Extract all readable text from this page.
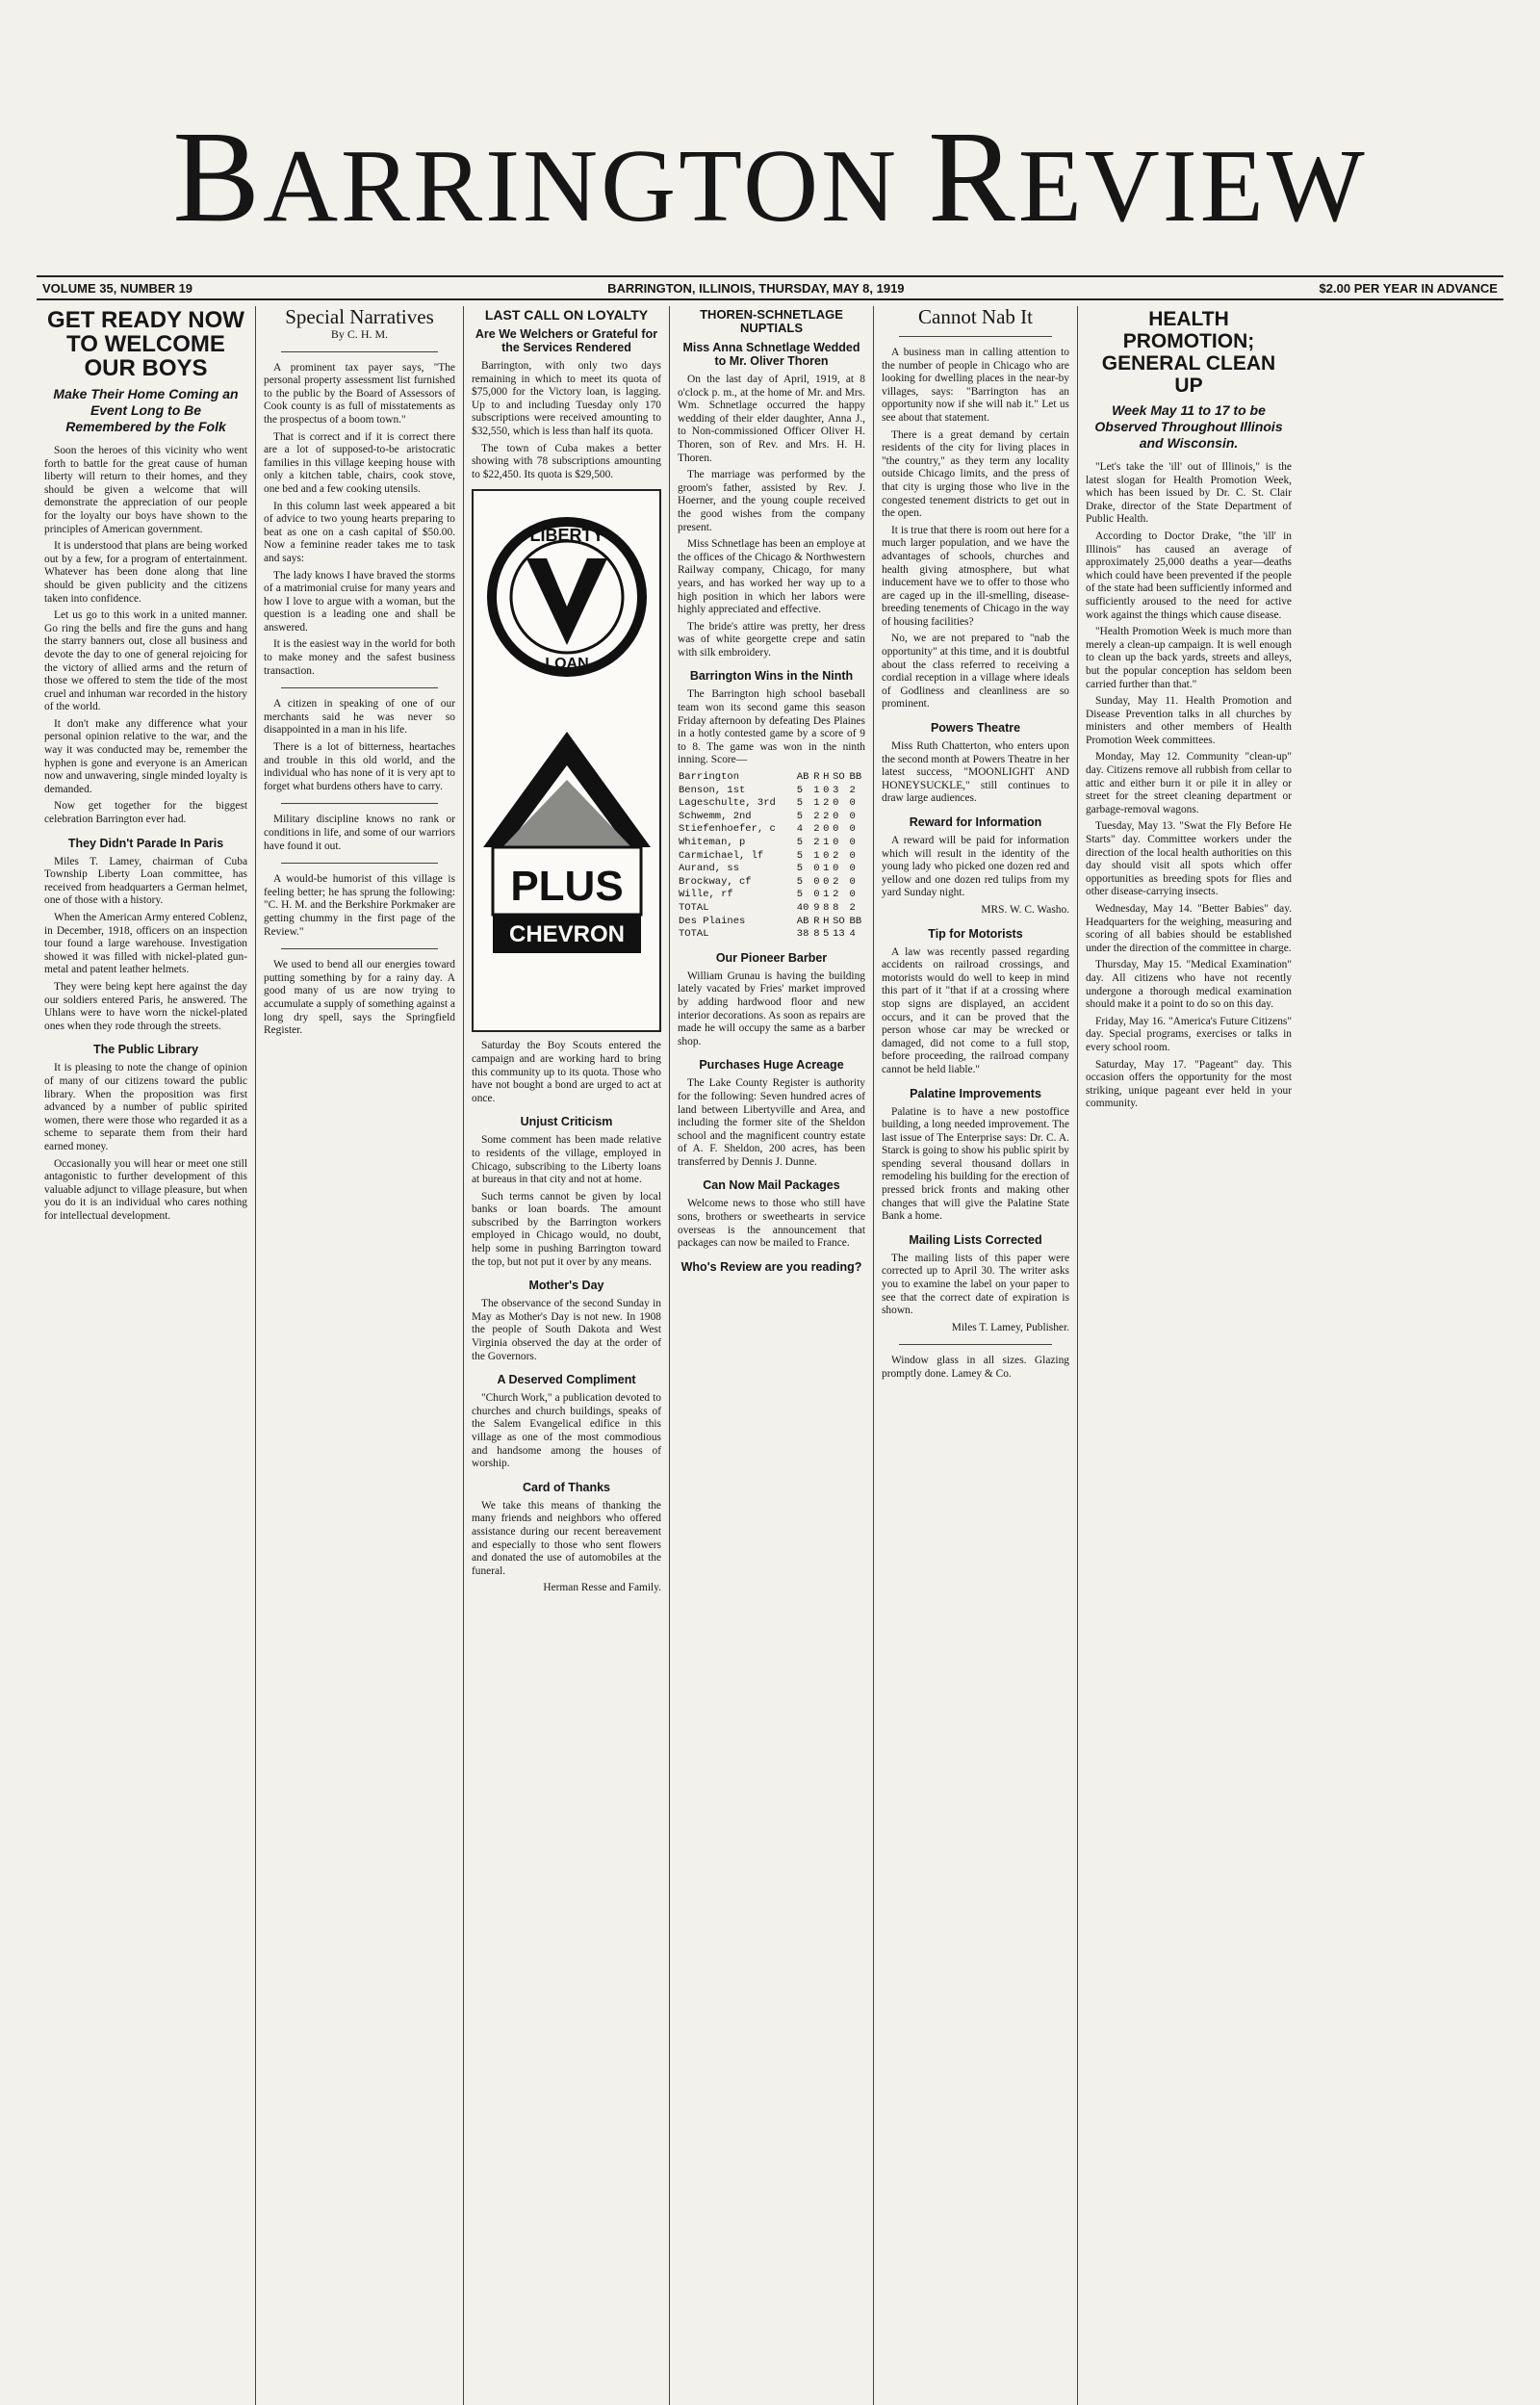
BARRINGTON REVIEW
VOLUME 35, NUMBER 19	BARRINGTON, ILLINOIS, THURSDAY, MAY 8, 1919	$2.00 PER YEAR IN ADVANCE
GET READY NOW TO WELCOME OUR BOYS
Make Their Home Coming an Event Long to Be Remembered by the Folk

Soon the heroes of this vicinity who went forth to battle for the great cause of human liberty will return to their homes, and they should be given a welcome that will demonstrate the appreciation of our people for the loyalty our boys have shown to the principles of American government.

It is understood that plans are being worked out by a few, for a program of entertainment. Whatever has been done along that line should be given publicity and the citizens taken into confidence.

Let us go to this work in a united manner. Go ring the bells and fire the guns and hang the starry banners out, close all business and devote the day to one of general rejoicing for the victory of allied arms and the return of those we offered to stem the tide of the most cruel and inhuman war recorded in the history of the world.

It don't make any difference what your personal opinion relative to the war, and the way it was conducted may be, remember the hyphen is gone and everyone is an American now and unwavering, single minded loyalty is demanded.

Now get together for the biggest celebration Barrington ever had.

They Didn't Parade In Paris

Miles T. Lamey, chairman of Cuba Township Liberty Loan committee, has received from headquarters a German helmet, one of those with a history.

When the American Army entered Coblenz, in December, 1918, officers on an inspection tour found a large warehouse. Investigation showed it was filled with nickel-plated gun-metal and patent leather helmets.

They were being kept here against the day our soldiers entered Paris, he answered. The Uhlans were to have worn the nickel-plated ones when they rode through the streets.

The Public Library

It is pleasing to note the change of opinion of many of our citizens toward the public library. When the proposition was first advanced by a number of public spirited women, there were those who regarded it as a scheme to separate them from their hard earned money.

Occasionally you will hear or meet one still antagonistic to further development of this valuable adjunct to village pleasure, but when you do it is an individual who cares nothing for intellectual development.

Special Narratives
By C. H. M.

A prominent tax payer says, "The personal property assessment list furnished to the public by the Board of Assessors of Cook county is as full of misstatements as the prospectus of a boom town."

That is correct and if it is correct there are a lot of supposed-to-be aristocratic families in this village keeping house with only a kitchen table, chairs, cook stove, one bed and a few cooking utensils.

In this column last week appeared a bit of advice to two young hearts preparing to beat as one on a cash capital of $50.00. Now a feminine reader takes me to task and says:

The lady knows I have braved the storms of a matrimonial cruise for many years and how I love to argue with a woman, but the question is a leading one and shall be answered.

It is the easiest way in the world for both to make money and the safest business transaction.

A citizen in speaking of one of our merchants said he was never so disappointed in a man in his life.

There is a lot of bitterness, heartaches and trouble in this old world, and the individual who has none of it is very apt to forget what burdens others have to carry.

Military discipline knows no rank or conditions in life, and some of our warriors have found it out.

A would-be humorist of this village is feeling better; he has sprung the following: "C. H. M. and the Berkshire Porkmaker are getting chummy in the first page of the Review."

We used to bend all our energies toward putting something by for a rainy day. A good many of us are now trying to accumulate a supply of something against a long dry spell, says the Springfield Register.

LAST CALL ON LOYALTY
Are We Welchers or Grateful for the Services Rendered

Barrington, with only two days remaining in which to meet its quota of $75,000 for the Victory loan, is lagging. Up to and including Tuesday only 170 subscriptions were received amounting to $32,550, which is less than half its quota.

The town of Cuba makes a better showing with 78 subscriptions amounting to $22,450. Its quota is $29,500.

LIBERTY
LOAN
PLUS
CHEVRON

Saturday the Boy Scouts entered the campaign and are working hard to bring this community up to its quota. Those who have not bought a bond are urged to act at once.

Unjust Criticism

Some comment has been made relative to residents of the village, employed in Chicago, subscribing to the Liberty loans at bureaus in that city and not at home.

Such terms cannot be given by local banks or loan boards. The amount subscribed by the Barrington workers employed in Chicago would, no doubt, help some in pushing Barrington toward the top, but not put it over by any means.

Mother's Day

The observance of the second Sunday in May as Mother's Day is not new. In 1908 the people of South Dakota and West Virginia observed the day at the order of the Governors.

A Deserved Compliment

"Church Work," a publication devoted to churches and church buildings, speaks of the Salem Evangelical edifice in this village as one of the most commodious and handsome among the houses of worship.

Card of Thanks

We take this means of thanking the many friends and neighbors who offered assistance during our recent bereavement and especially to those who sent flowers and donated the use of automobiles at the funeral.

Herman Resse and Family.
THOREN-SCHNETLAGE NUPTIALS
Miss Anna Schnetlage Wedded to Mr. Oliver Thoren

On the last day of April, 1919, at 8 o'clock p. m., at the home of Mr. and Mrs. Wm. Schnetlage occurred the happy wedding of their elder daughter, Anna J., to Non-commissioned Officer Oliver H. Thoren, son of Rev. and Mrs. H. H. Thoren.

The marriage was performed by the groom's father, assisted by Rev. J. Hoerner, and the young couple received the good wishes from the company present.

Miss Schnetlage has been an employe at the offices of the Chicago & Northwestern Railway company, Chicago, for many years, and has worked her way up to a high position in which her labors were highly appreciated and effective.

The bride's attire was pretty, her dress was of white georgette crepe and satin with silk embroidery.

Barrington Wins in the Ninth

The Barrington high school baseball team won its second game this season Friday afternoon by defeating Des Plaines in a hotly contested game by a score of 9 to 8. The game was won in the ninth inning. Score—

Barrington	AB	R	H	SO	BB
Benson, 1st	5	1	0	3	2
Lageschulte, 3rd	5	1	2	0	0
Schwemm, 2nd	5	2	2	0	0
Stiefenhoefer, c	4	2	0	0	0
Whiteman, p	5	2	1	0	0
Carmichael, lf	5	1	0	2	0
Aurand, ss	5	0	1	0	0
Brockway, cf	5	0	0	2	0
Wille, rf	5	0	1	2	0
TOTAL	40	9	8	8	2
Des Plaines	AB	R	H	SO	BB
TOTAL	38	8	5	13	4
Our Pioneer Barber

William Grunau is having the building lately vacated by Fries' market improved by adding hardwood floor and new interior decorations. As soon as repairs are made he will occupy the same as a barber shop.

Purchases Huge Acreage

The Lake County Register is authority for the following: Seven hundred acres of land between Libertyville and Area, and including the former site of the Sheldon school and the magnificent country estate of A. F. Sheldon, 200 acres, has been transferred by Dennis J. Dunne.

Can Now Mail Packages

Welcome news to those who still have sons, brothers or sweethearts in service overseas is the announcement that packages can now be mailed to France.

Who's Review are you reading?
Cannot Nab It

A business man in calling attention to the number of people in Chicago who are looking for dwelling places in the near-by villages, says: "Barrington has an opportunity now if she will nab it." Let us see about that statement.

There is a great demand by certain residents of the city for living places in "the country," as they term any locality outside Chicago limits, and the press of that city is urging those who live in the congested tenement districts to get out in the open.

It is true that there is room out here for a much larger population, and we have the advantages of schools, churches and health giving atmosphere, but what inducement have we to offer to those who are caged up in the ill-smelling, disease-breeding tenements of Chicago in the way of housing facilities?

No, we are not prepared to "nab the opportunity" at this time, and it is doubtful about the class referred to receiving a cordial reception in a village where ideals of Godliness and cleanliness are so prominent.

Powers Theatre

Miss Ruth Chatterton, who enters upon the second month at Powers Theatre in her latest success, "MOONLIGHT AND HONEYSUCKLE," still continues to draw large audiences.

Reward for Information

A reward will be paid for information which will result in the identity of the young lady who picked one dozen red and yellow and one dozen red tulips from my yard Sunday night.

MRS. W. C. Washo.
Tip for Motorists

A law was recently passed regarding accidents on railroad crossings, and motorists would do well to keep in mind this part of it "that if at a crossing where stop signs are displayed, an accident occurs, and it can be proved that the person whose car may be wrecked or damaged, did not come to a full stop, before proceeding, the railroad company cannot be held liable."

Palatine Improvements

Palatine is to have a new postoffice building, a long needed improvement. The last issue of The Enterprise says: Dr. C. A. Starck is going to show his public spirit by spending several thousand dollars in remodeling his building for the erection of pressed brick fronts and making other changes that will give the Palatine State Bank a home.

Mailing Lists Corrected

The mailing lists of this paper were corrected up to April 30. The writer asks you to examine the label on your paper to see that the correct date of expiration is shown.

Miles T. Lamey, Publisher.

Window glass in all sizes. Glazing promptly done. Lamey & Co.

HEALTH PROMOTION; GENERAL CLEAN UP
Week May 11 to 17 to be Observed Throughout Illinois and Wisconsin.

"Let's take the 'ill' out of Illinois," is the latest slogan for Health Promotion Week, which has been issued by Dr. C. St. Clair Drake, director of the State Department of Public Health.

According to Doctor Drake, "the 'ill' in Illinois" has caused an average of approximately 25,000 deaths a year—deaths which could have been prevented if the people of the state had been sufficiently informed and sufficiently aroused to the need for active work against the things which cause disease.

"Health Promotion Week is much more than merely a clean-up campaign. It is well enough to clean up the back yards, streets and alleys, but the popular conception has seldom been carried further than that."

Sunday, May 11. Health Promotion and Disease Prevention talks in all churches by ministers and other members of Health Promotion Week committees.

Monday, May 12. Community "clean-up" day. Citizens remove all rubbish from cellar to attic and either burn it or pile it in alley or street for the street cleaning department or garbage-removal wagons.

Tuesday, May 13. "Swat the Fly Before He Starts" day. Committee workers under the direction of the local health authorities on this day should visit all spots which offer opportunities as breeding spots for flies and other disease-carrying insects.

Wednesday, May 14. "Better Babies" day. Headquarters for the weighing, measuring and scoring of all babies should be established under the direction of the committee in charge.

Thursday, May 15. "Medical Examination" day. All citizens who have not recently undergone a thorough medical examination should make it a point to do so on this day.

Friday, May 16. "America's Future Citizens" day. Special programs, exercises or talks in every school room.

Saturday, May 17. "Pageant" day. This occasion offers the opportunity for the most striking, unique pageant ever held in your community.
